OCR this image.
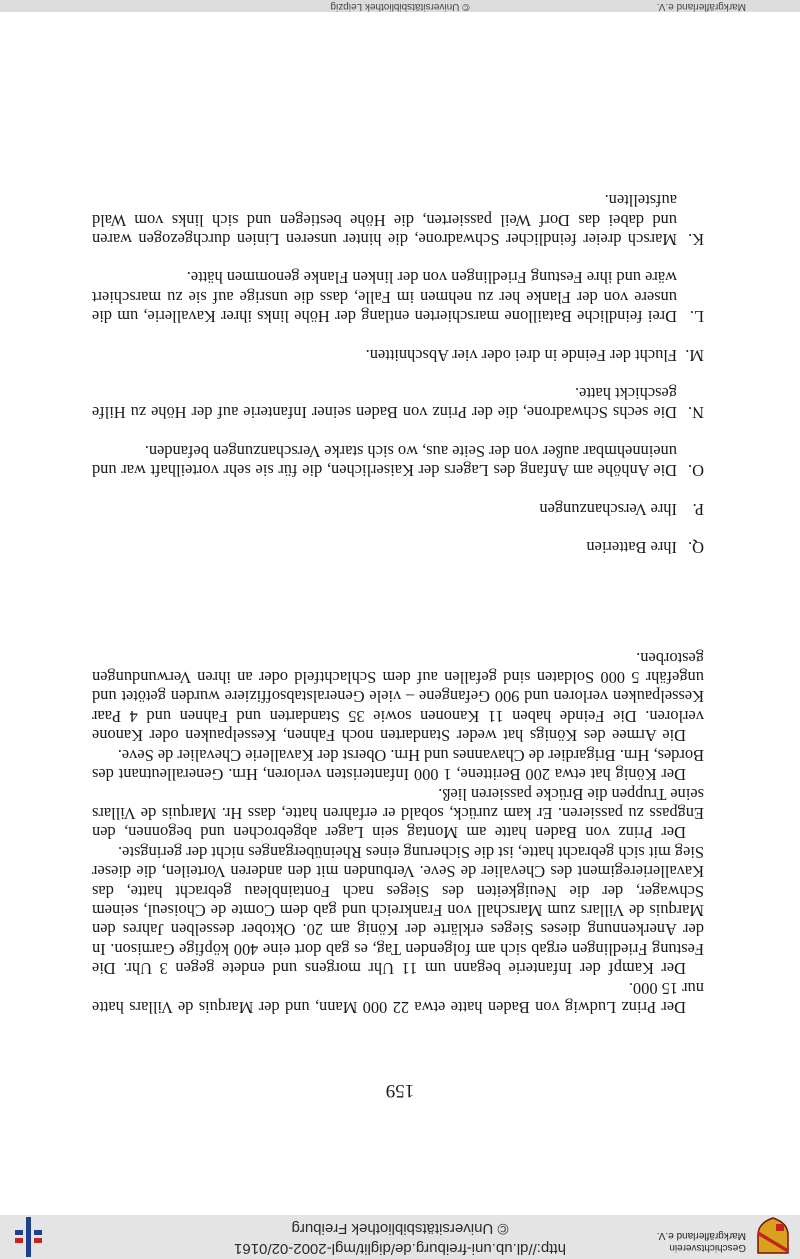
Geschichtsverein
Markgräflerland e.V.
http://dl.ub.uni-freiburg.de/diglit/mgl-2002-02/0161
© Universitätsbibliothek Freiburg
159

Der Prinz Ludwig von Baden hatte etwa 22 000 Mann, und der Marquis de Villars hatte nur 15 000.

Der Kampf der Infanterie begann um 11 Uhr morgens und endete gegen 3 Uhr. Die Festung Friedlingen ergab sich am folgenden Tag, es gab dort eine 400 köpfige Garnison. In der Anerkennung dieses Sieges erklärte der König am 20. Oktober desselben Jahres den Marquis de Villars zum Marschall von Frankreich und gab dem Comte de Choiseul, seinem Schwager, der die Neuigkeiten des Sieges nach Fontainbleau gebracht hatte, das Kavallerieregiment des Chevalier de Seve. Verbunden mit den anderen Vorteilen, die dieser Sieg mit sich gebracht hatte, ist die Sicherung eines Rheinüberganges nicht der geringste.

Der Prinz von Baden hatte am Montag sein Lager abgebrochen und begonnen, den Engpass zu passieren. Er kam zurück, sobald er erfahren hatte, dass Hr. Marquis de Villars seine Truppen die Brücke passieren ließ.

Der König hat etwa 200 Berittene, 1 000 Infanteristen verloren, Hrn. Generalleutnant des Bordes, Hrn. Brigardier de Chavannes und Hrn. Oberst der Kavallerie Chevalier de Seve.

Die Armee des Königs hat weder Standarten noch Fahnen, Kesselpauken oder Kanone verloren. Die Feinde haben 11 Kanonen sowie 35 Standarten und Fahnen und 4 Paar Kesselpauken verloren und 900 Gefangene – viele Generalstabsoffiziere wurden getötet und ungefähr 5 000 Soldaten sind gefallen auf dem Schlachtfeld oder an ihren Verwundungen gestorben.

Q.
Ihre Batterien
P.
Ihre Verschanzungen
O.
Die Anhöhe am Anfang des Lagers der Kaiserlichen, die für sie sehr vorteilhaft war und uneinnehmbar außer von der Seite aus, wo sich starke Verschanzungen befanden.
N.
Die sechs Schwadrone, die der Prinz von Baden seiner Infanterie auf der Höhe zu Hilfe geschickt hatte.
M.
Flucht der Feinde in drei oder vier Abschnitten.
L.
Drei feindliche Bataillone marschierten entlang der Höhe links ihrer Kavallerie, um die unsere von der Flanke her zu nehmen im Falle, dass die unsrige auf sie zu marschiert wäre und ihre Festung Friedlingen von der linken Flanke genommen hätte.
K.
Marsch dreier feindlicher Schwadrone, die hinter unseren Linien durchgezogen waren und dabei das Dorf Weil passierten, die Höhe bestiegen und sich links vom Wald aufstellten.
Markgräflerland e.V.
© Universitätsbibliothek Leipzig
